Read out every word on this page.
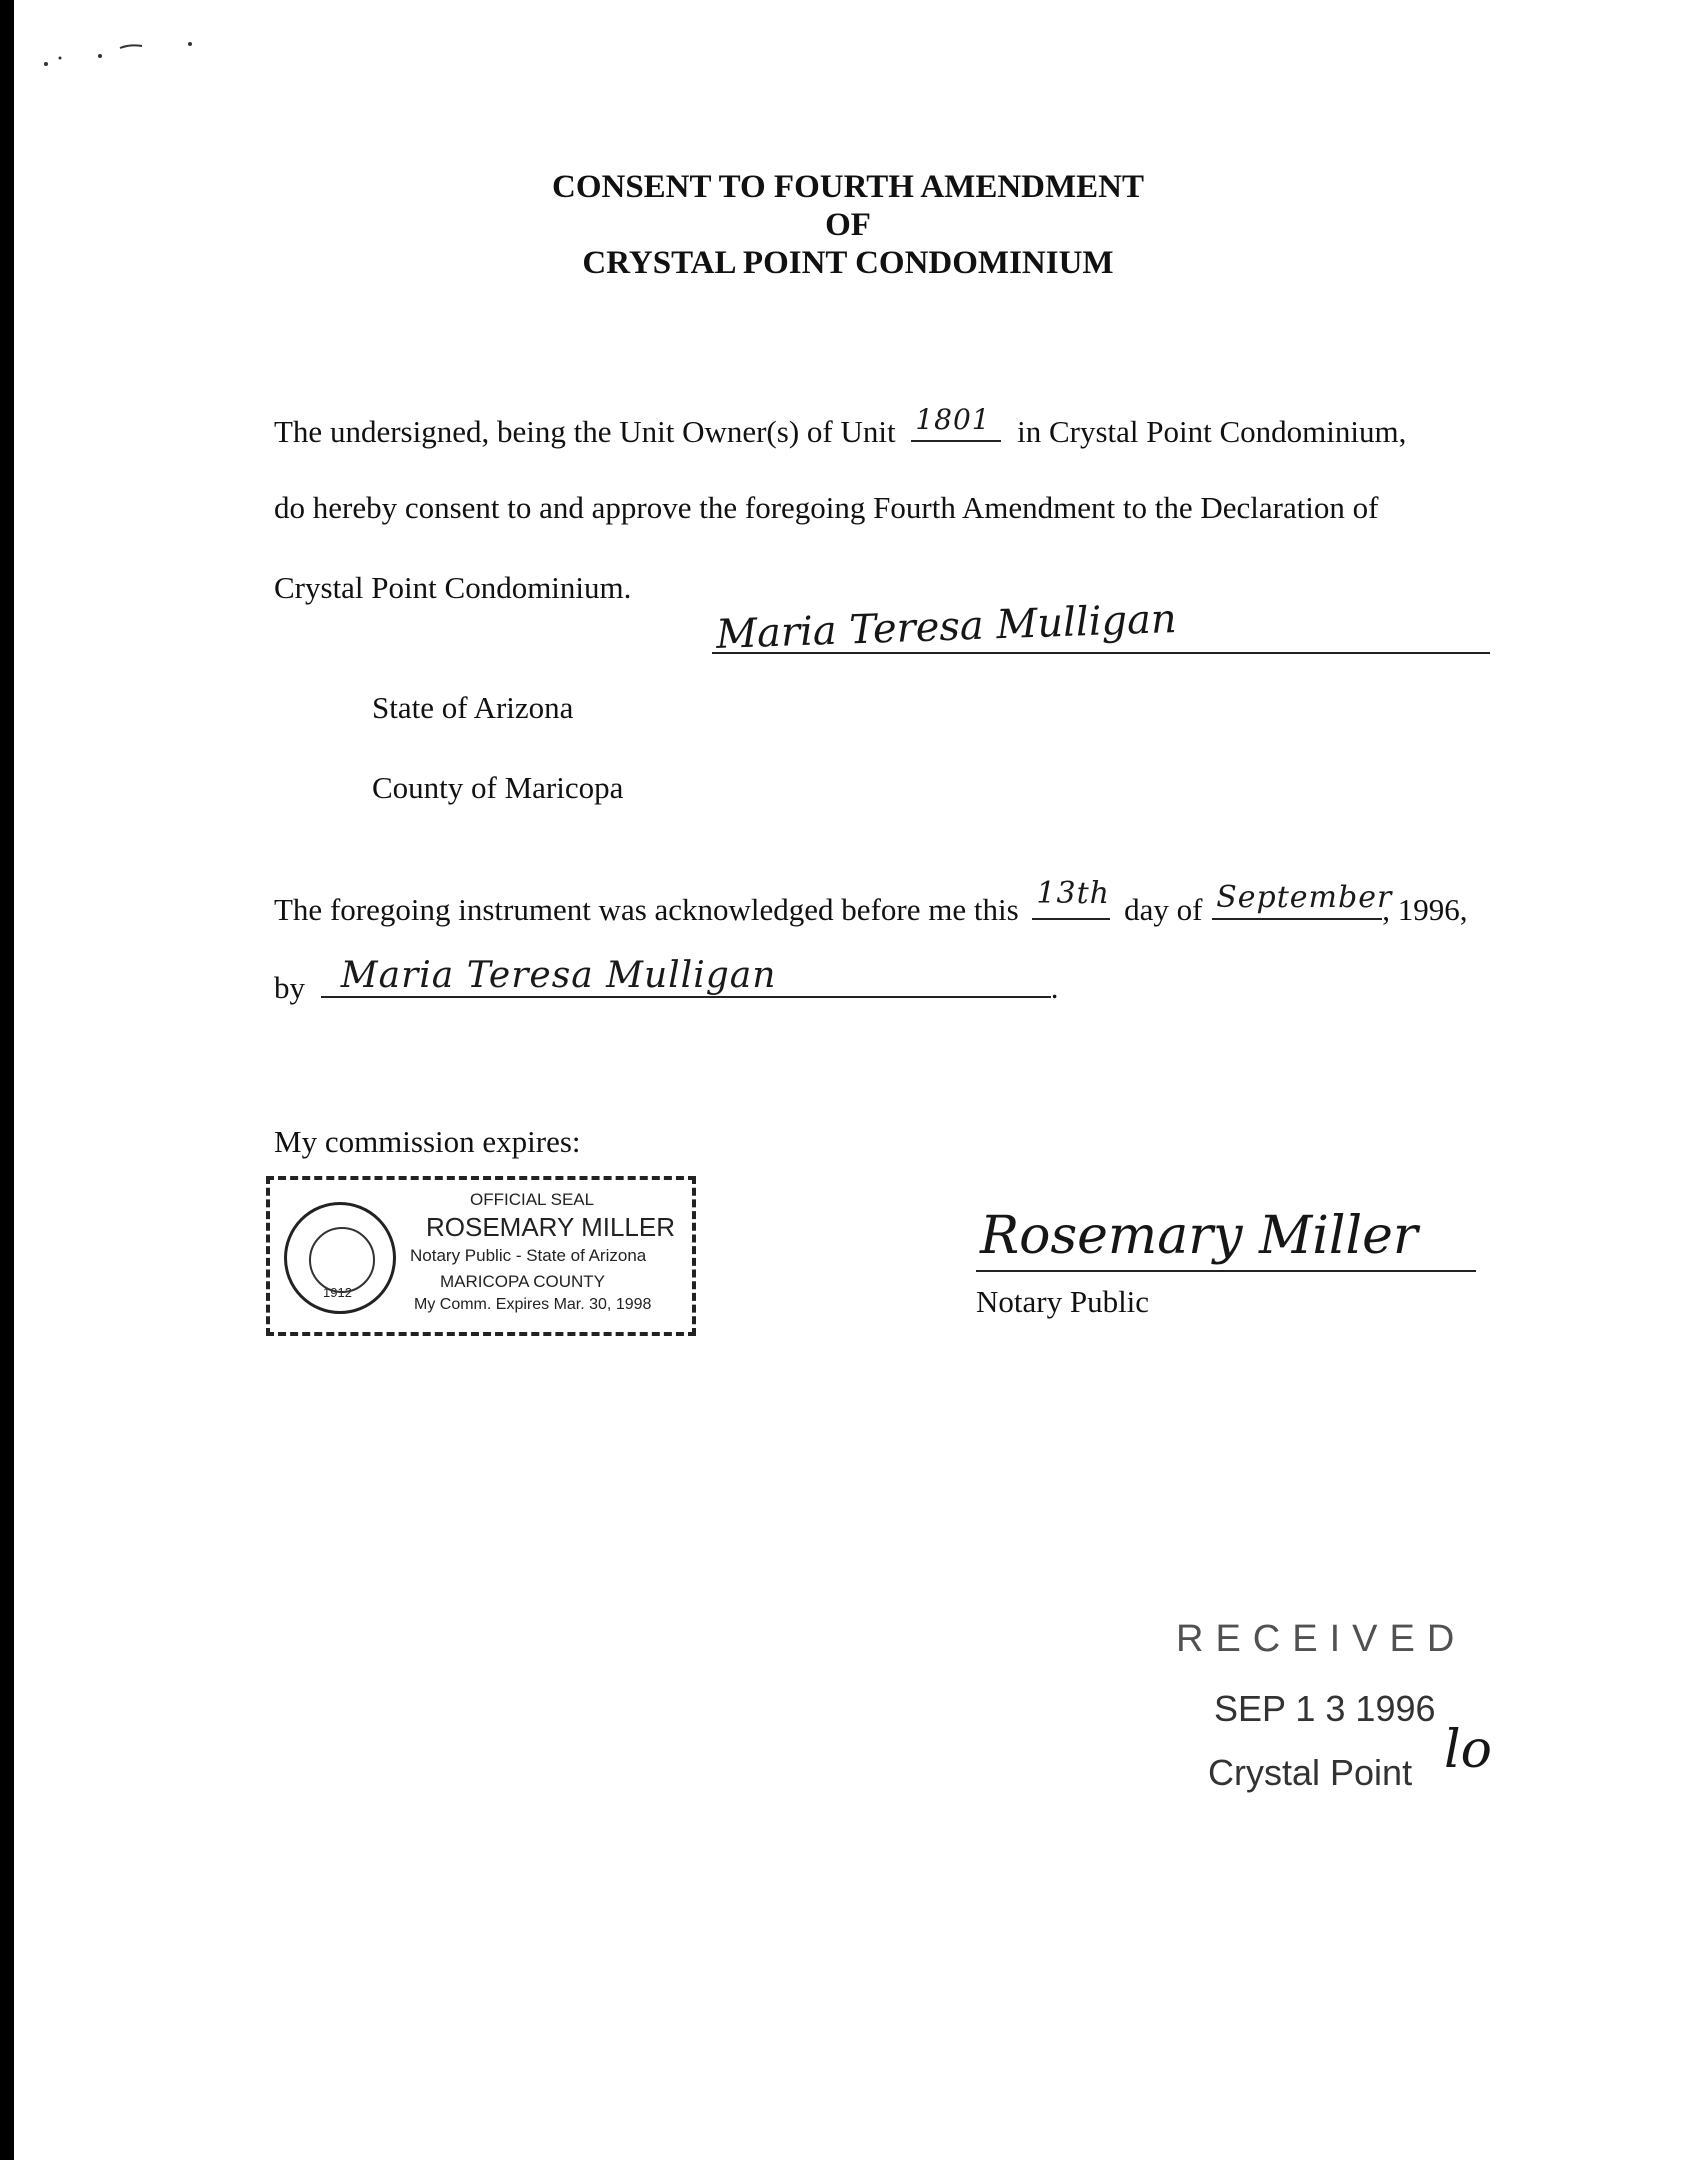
CONSENT TO FOURTH AMENDMENT
OF
CRYSTAL POINT CONDOMINIUM
The undersigned, being the Unit Owner(s) of Unit 1801 in Crystal Point Condominium,
do hereby consent to and approve the foregoing Fourth Amendment to the Declaration of
Crystal Point Condominium.
Maria Teresa Mulligan
State of Arizona
County of Maricopa
The foregoing instrument was acknowledged before me this 13th day of September
, 1996,
by Maria Teresa Mulligan	.
My commission expires:
1912
OFFICIAL SEAL
ROSEMARY MILLER
Notary Public - State of Arizona
MARICOPA COUNTY
My Comm. Expires Mar. 30, 1998
Rosemary Miller
Notary Public
RECEIVED
SEP 1 3 1996
Crystal Point lo
